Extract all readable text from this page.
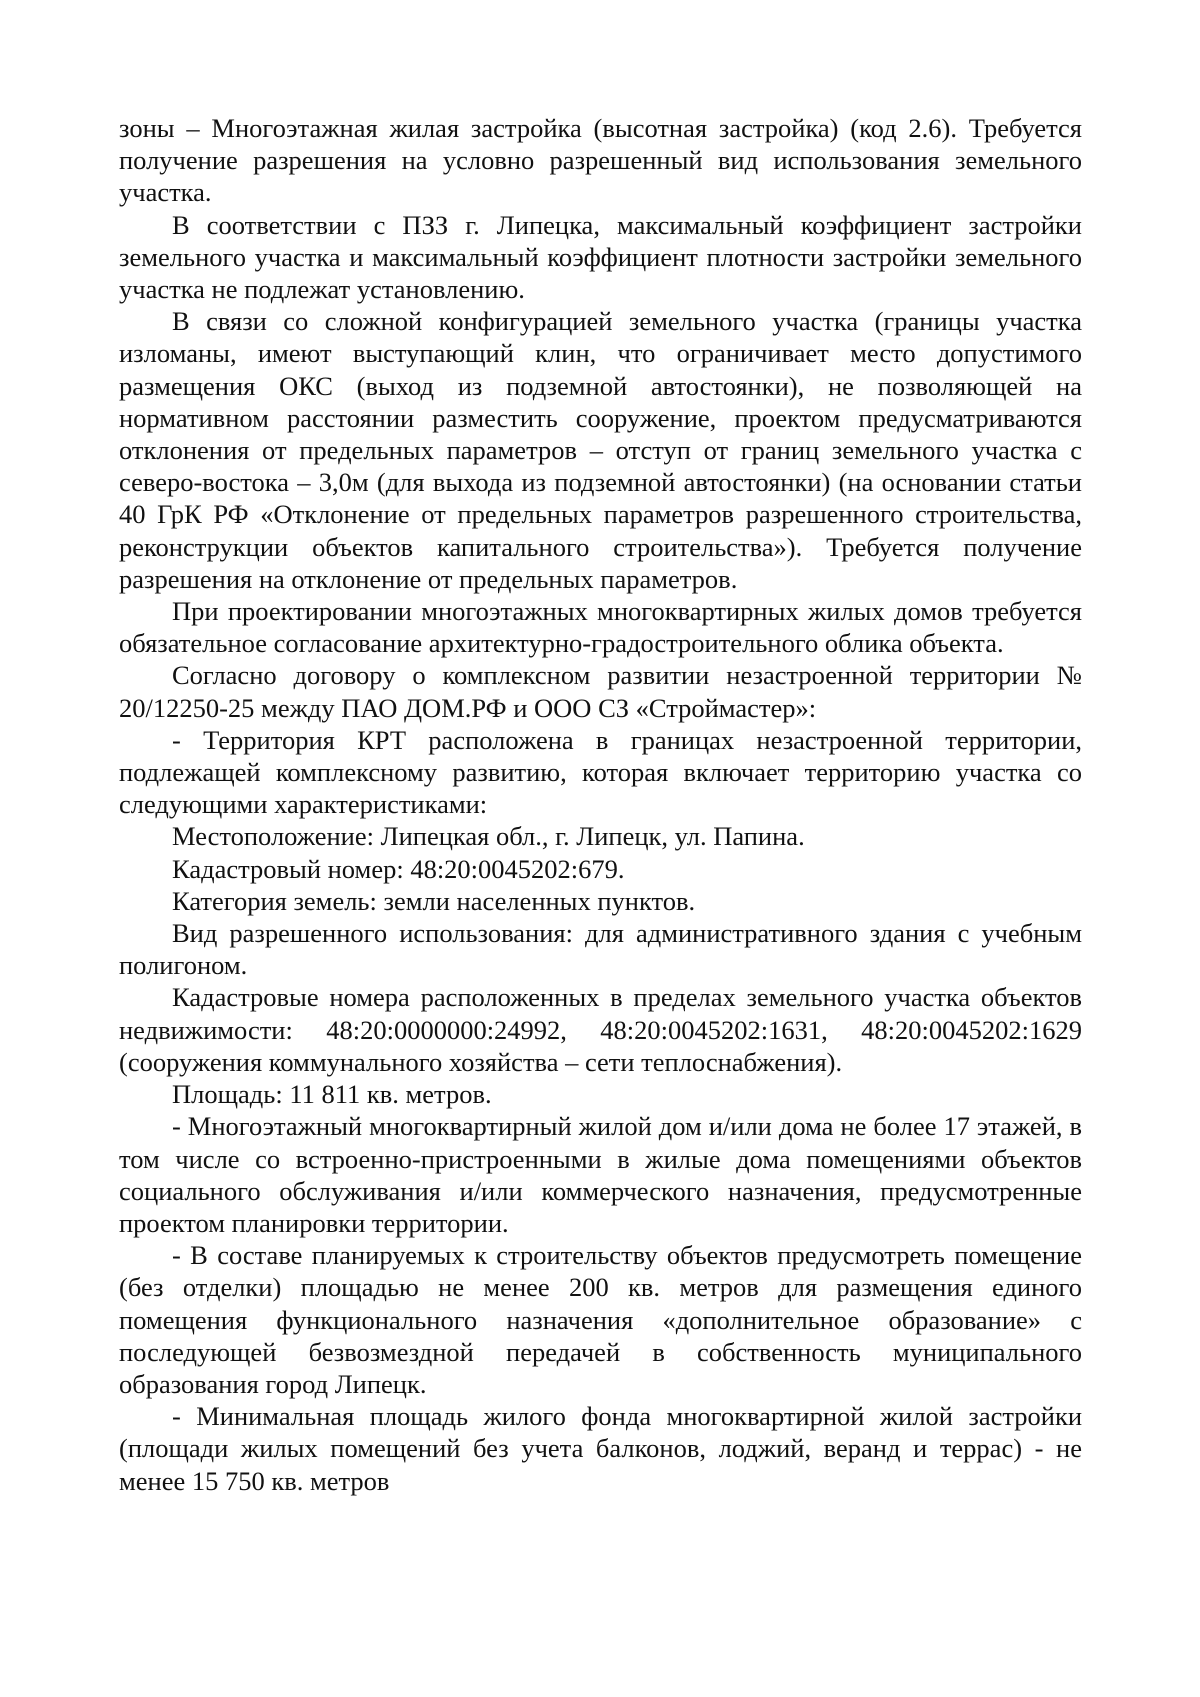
зоны – Многоэтажная жилая застройка (высотная застройка) (код 2.6). Требуется получение разрешения на условно разрешенный вид использования земельного участка.

В соответствии с ПЗЗ г. Липецка, максимальный коэффициент застройки земельного участка и максимальный коэффициент плотности застройки земельного участка не подлежат установлению.

В связи со сложной конфигурацией земельного участка (границы участка изломаны, имеют выступающий клин, что ограничивает место допустимого размещения ОКС (выход из подземной автостоянки), не позволяющей на нормативном расстоянии разместить сооружение, проектом предусматриваются отклонения от предельных параметров – отступ от границ земельного участка с северо-востока – 3,0м (для выхода из подземной автостоянки) (на основании статьи 40 ГрК РФ «Отклонение от предельных параметров разрешенного строительства, реконструкции объектов капитального строительства»). Требуется получение разрешения на отклонение от предельных параметров.

При проектировании многоэтажных многоквартирных жилых домов требуется обязательное согласование архитектурно-градостроительного облика объекта.

Согласно договору о комплексном развитии незастроенной территории № 20/12250-25 между ПАО ДОМ.РФ и ООО СЗ «Строймастер»:

- Территория КРТ расположена в границах незастроенной территории, подлежащей комплексному развитию, которая включает территорию участка со следующими характеристиками:

Местоположение: Липецкая обл., г. Липецк, ул. Папина.

Кадастровый номер: 48:20:0045202:679.

Категория земель: земли населенных пунктов.

Вид разрешенного использования: для административного здания с учебным полигоном.

Кадастровые номера расположенных в пределах земельного участка объектов недвижимости: 48:20:0000000:24992, 48:20:0045202:1631, 48:20:0045202:1629 (сооружения коммунального хозяйства – сети теплоснабжения).

Площадь: 11 811 кв. метров.

- Многоэтажный многоквартирный жилой дом и/или дома не более 17 этажей, в том числе со встроенно-пристроенными в жилые дома помещениями объектов социального обслуживания и/или коммерческого назначения, предусмотренные проектом планировки территории.

- В составе планируемых к строительству объектов предусмотреть помещение (без отделки) площадью не менее 200 кв. метров для размещения единого помещения функционального назначения «дополнительное образование» с последующей безвозмездной передачей в собственность муниципального образования город Липецк.

- Минимальная площадь жилого фонда многоквартирной жилой застройки (площади жилых помещений без учета балконов, лоджий, веранд и террас) - не менее 15 750 кв. метров
